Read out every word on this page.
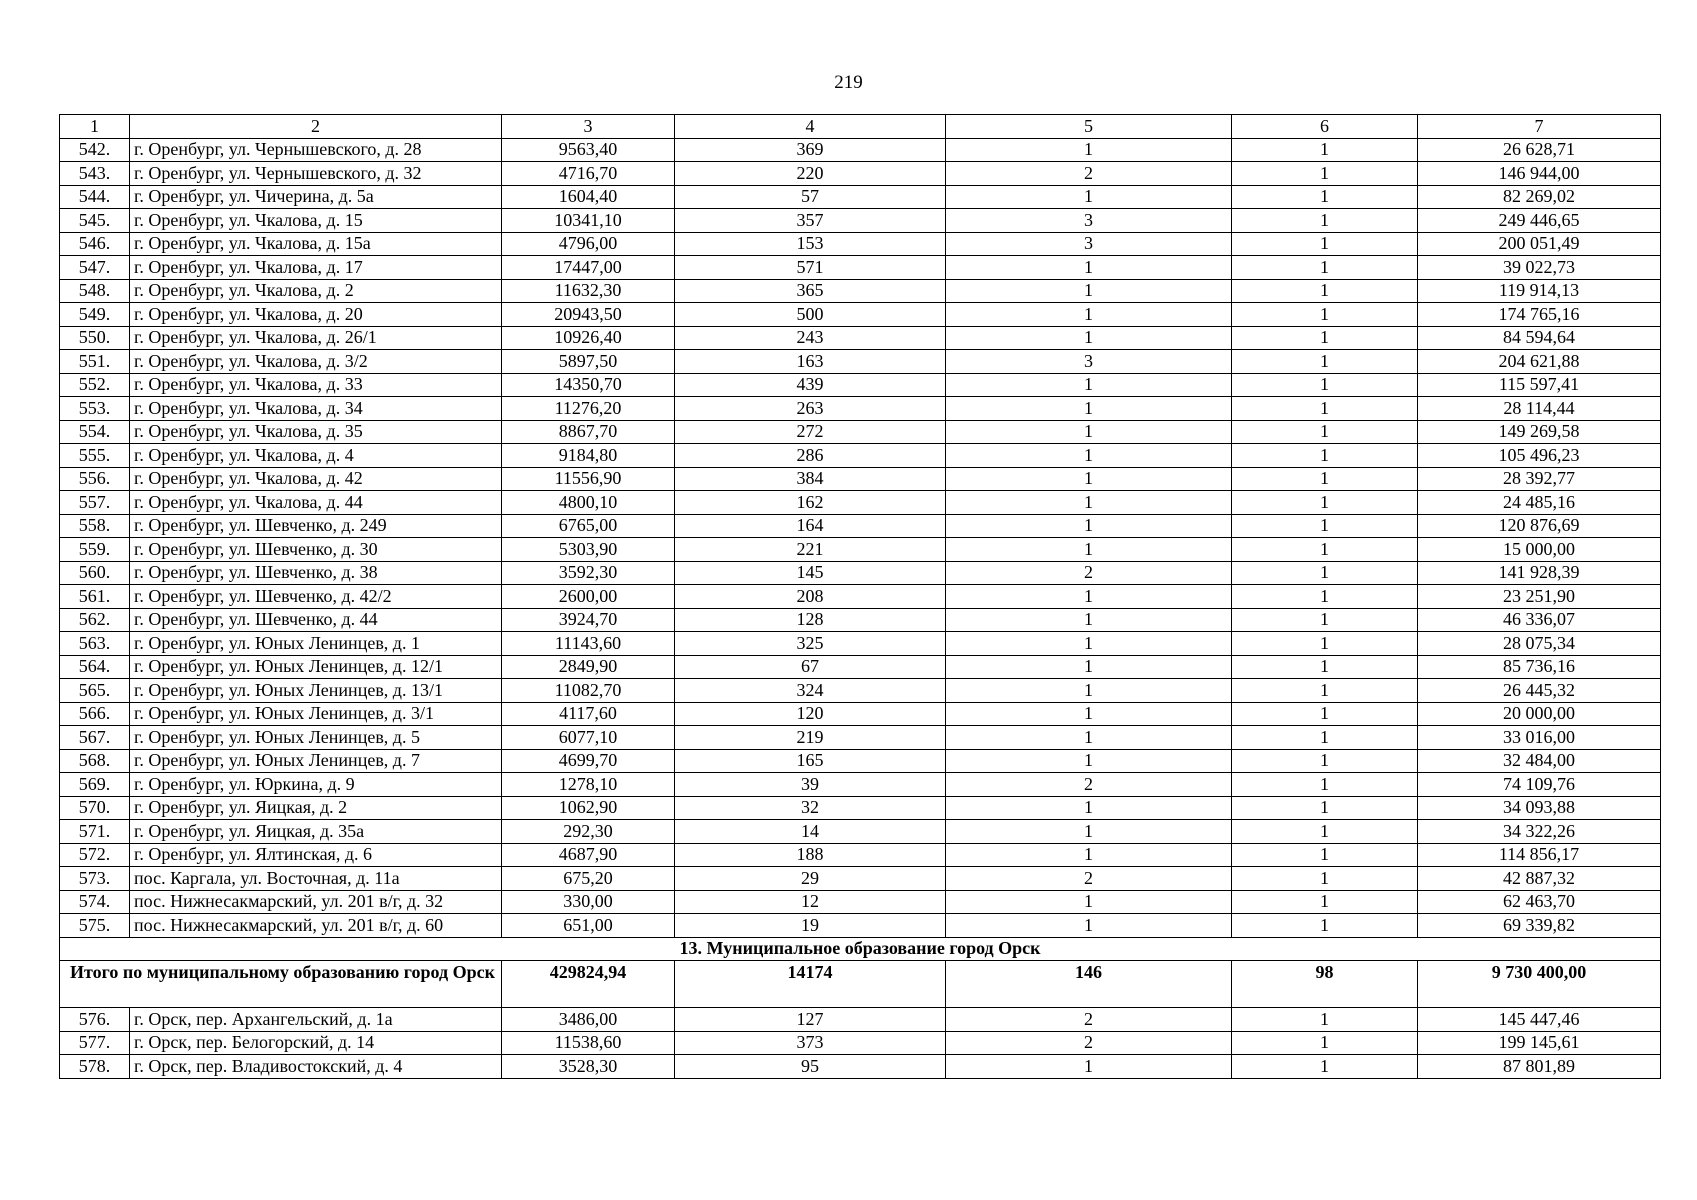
219
1	2	3	4	5	6	7
542.	г. Оренбург, ул. Чернышевского, д. 28	9563,40	369	1	1	26 628,71
543.	г. Оренбург, ул. Чернышевского, д. 32	4716,70	220	2	1	146 944,00
544.	г. Оренбург, ул. Чичерина, д. 5а	1604,40	57	1	1	82 269,02
545.	г. Оренбург, ул. Чкалова, д. 15	10341,10	357	3	1	249 446,65
546.	г. Оренбург, ул. Чкалова, д. 15а	4796,00	153	3	1	200 051,49
547.	г. Оренбург, ул. Чкалова, д. 17	17447,00	571	1	1	39 022,73
548.	г. Оренбург, ул. Чкалова, д. 2	11632,30	365	1	1	119 914,13
549.	г. Оренбург, ул. Чкалова, д. 20	20943,50	500	1	1	174 765,16
550.	г. Оренбург, ул. Чкалова, д. 26/1	10926,40	243	1	1	84 594,64
551.	г. Оренбург, ул. Чкалова, д. 3/2	5897,50	163	3	1	204 621,88
552.	г. Оренбург, ул. Чкалова, д. 33	14350,70	439	1	1	115 597,41
553.	г. Оренбург, ул. Чкалова, д. 34	11276,20	263	1	1	28 114,44
554.	г. Оренбург, ул. Чкалова, д. 35	8867,70	272	1	1	149 269,58
555.	г. Оренбург, ул. Чкалова, д. 4	9184,80	286	1	1	105 496,23
556.	г. Оренбург, ул. Чкалова, д. 42	11556,90	384	1	1	28 392,77
557.	г. Оренбург, ул. Чкалова, д. 44	4800,10	162	1	1	24 485,16
558.	г. Оренбург, ул. Шевченко, д. 249	6765,00	164	1	1	120 876,69
559.	г. Оренбург, ул. Шевченко, д. 30	5303,90	221	1	1	15 000,00
560.	г. Оренбург, ул. Шевченко, д. 38	3592,30	145	2	1	141 928,39
561.	г. Оренбург, ул. Шевченко, д. 42/2	2600,00	208	1	1	23 251,90
562.	г. Оренбург, ул. Шевченко, д. 44	3924,70	128	1	1	46 336,07
563.	г. Оренбург, ул. Юных Ленинцев, д. 1	11143,60	325	1	1	28 075,34
564.	г. Оренбург, ул. Юных Ленинцев, д. 12/1	2849,90	67	1	1	85 736,16
565.	г. Оренбург, ул. Юных Ленинцев, д. 13/1	11082,70	324	1	1	26 445,32
566.	г. Оренбург, ул. Юных Ленинцев, д. 3/1	4117,60	120	1	1	20 000,00
567.	г. Оренбург, ул. Юных Ленинцев, д. 5	6077,10	219	1	1	33 016,00
568.	г. Оренбург, ул. Юных Ленинцев, д. 7	4699,70	165	1	1	32 484,00
569.	г. Оренбург, ул. Юркина, д. 9	1278,10	39	2	1	74 109,76
570.	г. Оренбург, ул. Яицкая, д. 2	1062,90	32	1	1	34 093,88
571.	г. Оренбург, ул. Яицкая, д. 35а	292,30	14	1	1	34 322,26
572.	г. Оренбург, ул. Ялтинская, д. 6	4687,90	188	1	1	114 856,17
573.	пос. Каргала, ул. Восточная, д. 11а	675,20	29	2	1	42 887,32
574.	пос. Нижнесакмарский, ул. 201 в/г, д. 32	330,00	12	1	1	62 463,70
575.	пос. Нижнесакмарский, ул. 201 в/г, д. 60	651,00	19	1	1	69 339,82
13. Муниципальное образование город Орск						
Итого по муниципальному образованию город Орск		429824,94	14174	146	98	9 730 400,00
576.	г. Орск, пер. Архангельский, д. 1а	3486,00	127	2	1	145 447,46
577.	г. Орск, пер. Белогорский, д. 14	11538,60	373	2	1	199 145,61
578.	г. Орск, пер. Владивостокский, д. 4	3528,30	95	1	1	87 801,89
